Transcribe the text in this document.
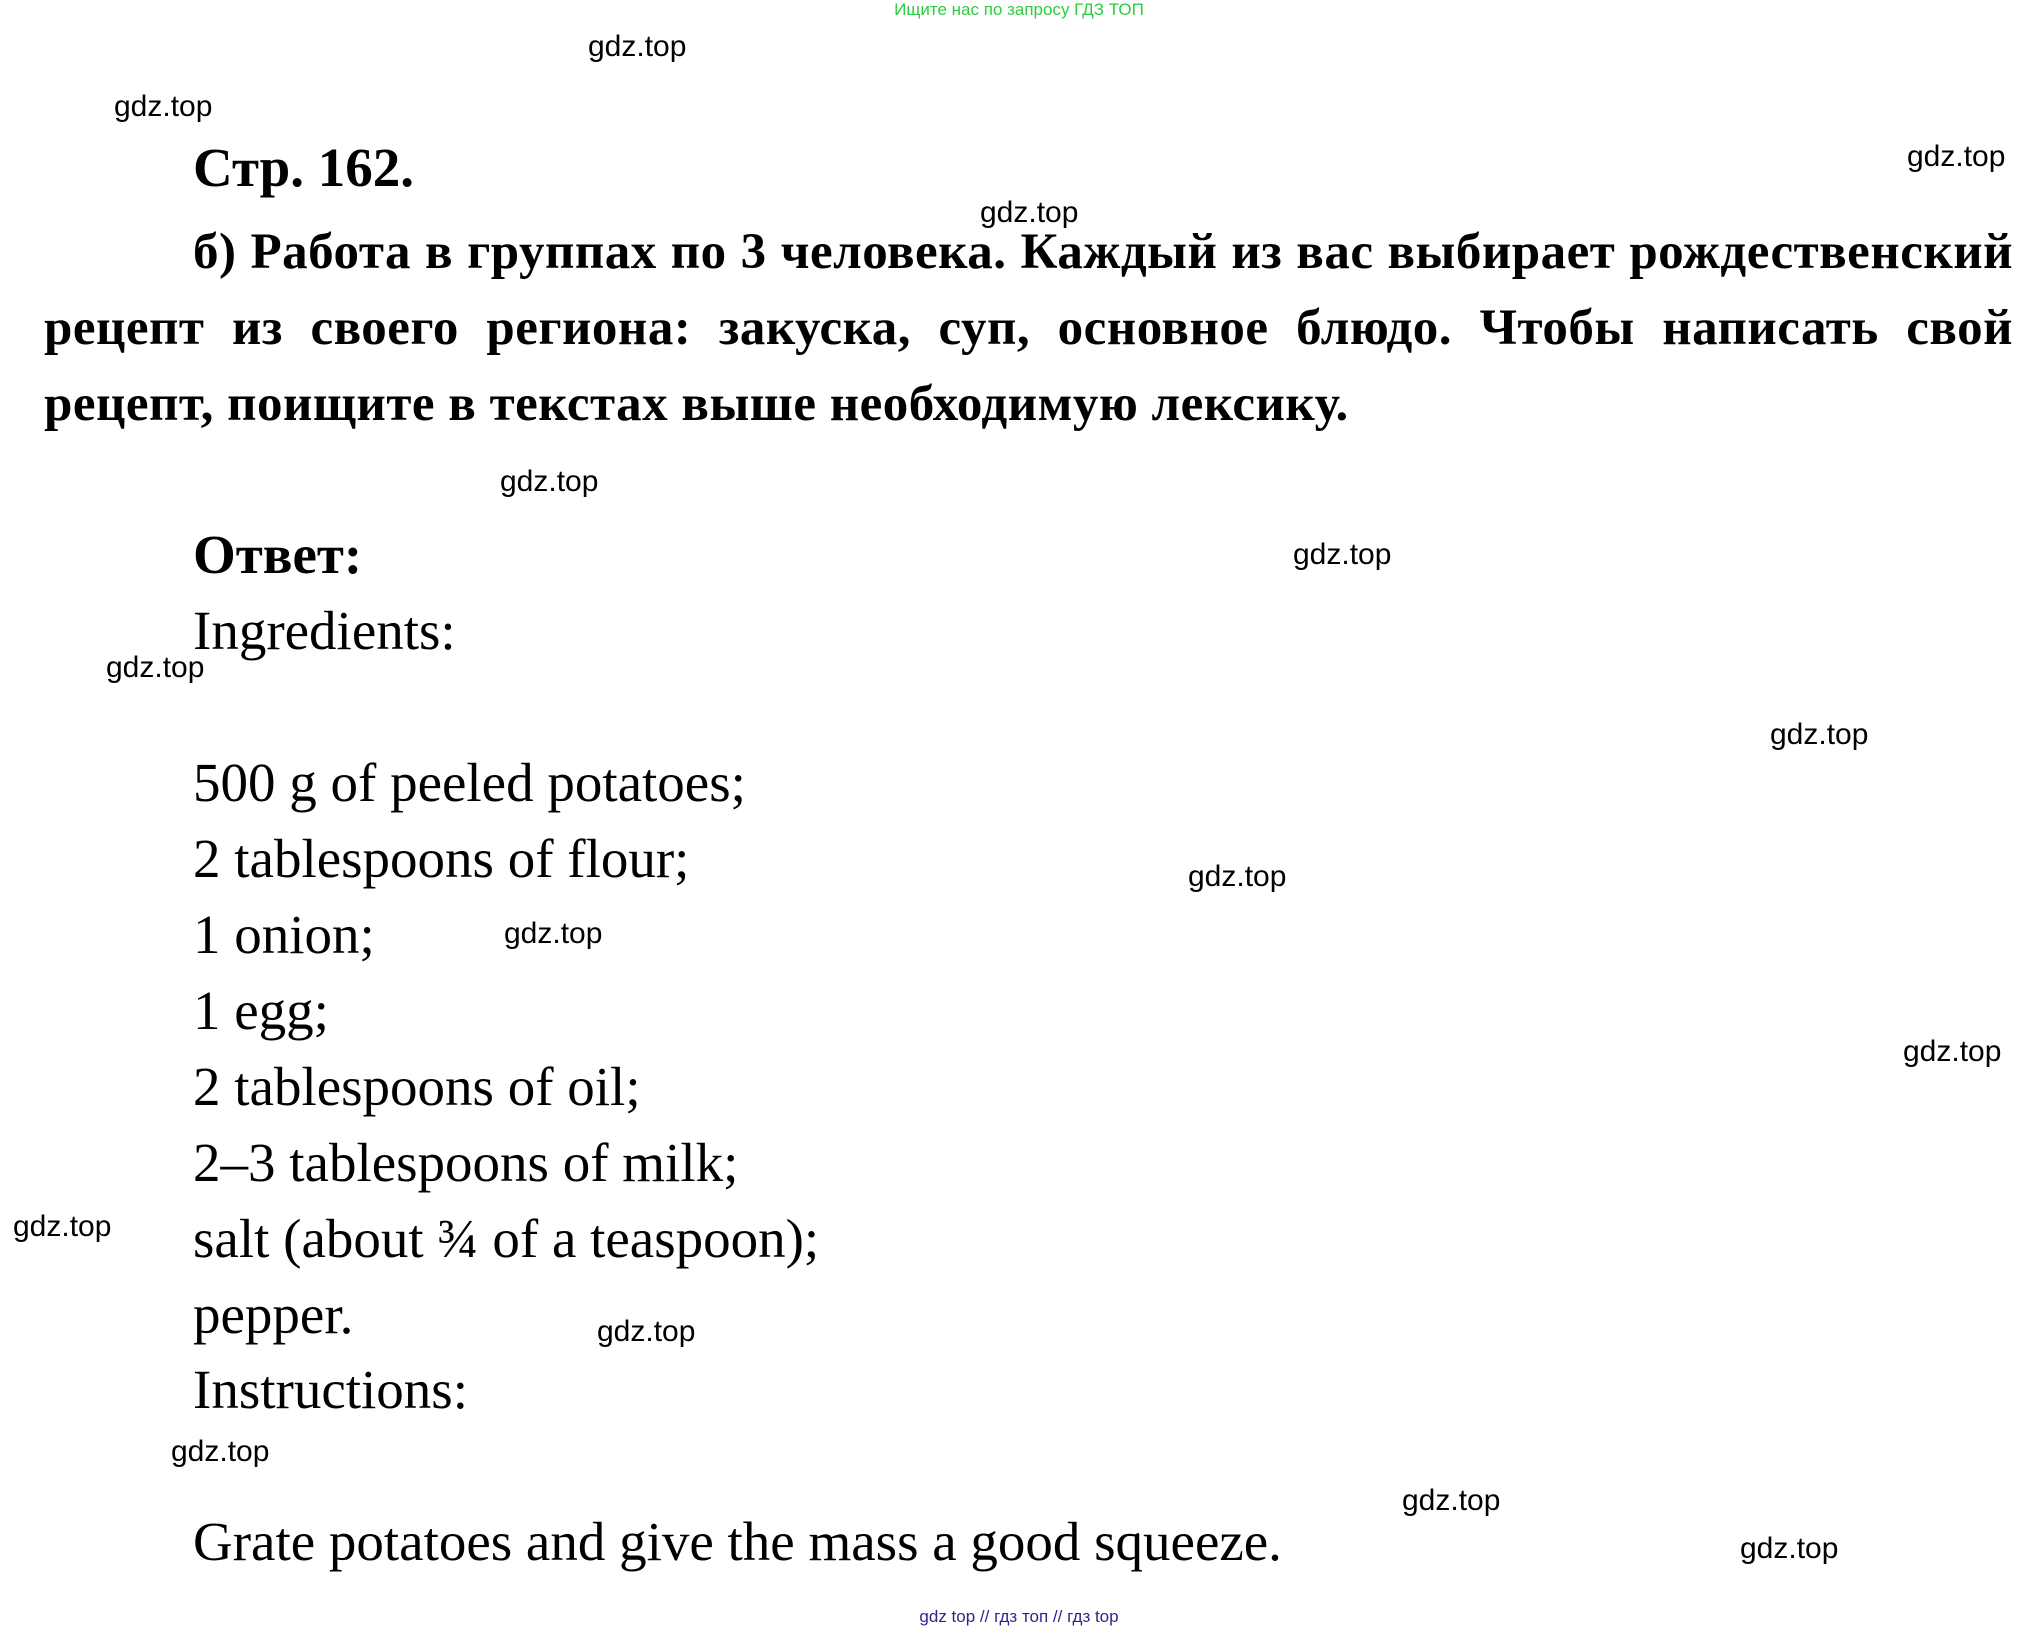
Ищите нас по запросу ГДЗ ТОП
Стр. 162.
б) Работа в группах по 3 человека. Каждый из вас выбирает рождественский рецепт из своего региона: закуска, суп, основное блюдо. Чтобы написать свой рецепт, поищите в текстах выше необходимую лексику.
Ответ:
Ingredients:
500 g of peeled potatoes;
2 tablespoons of flour;
1 onion;
1 egg;
2 tablespoons of oil;
2–3 tablespoons of milk;
salt (about ¾ of a teaspoon);
pepper.
Instructions:
Grate potatoes and give the mass a good squeeze.
gdz.top
gdz.top
gdz.top
gdz.top
gdz.top
gdz.top
gdz.top
gdz.top
gdz.top
gdz.top
gdz.top
gdz.top
gdz.top
gdz.top
gdz.top
gdz.top
gdz top // гдз топ // гдз top
